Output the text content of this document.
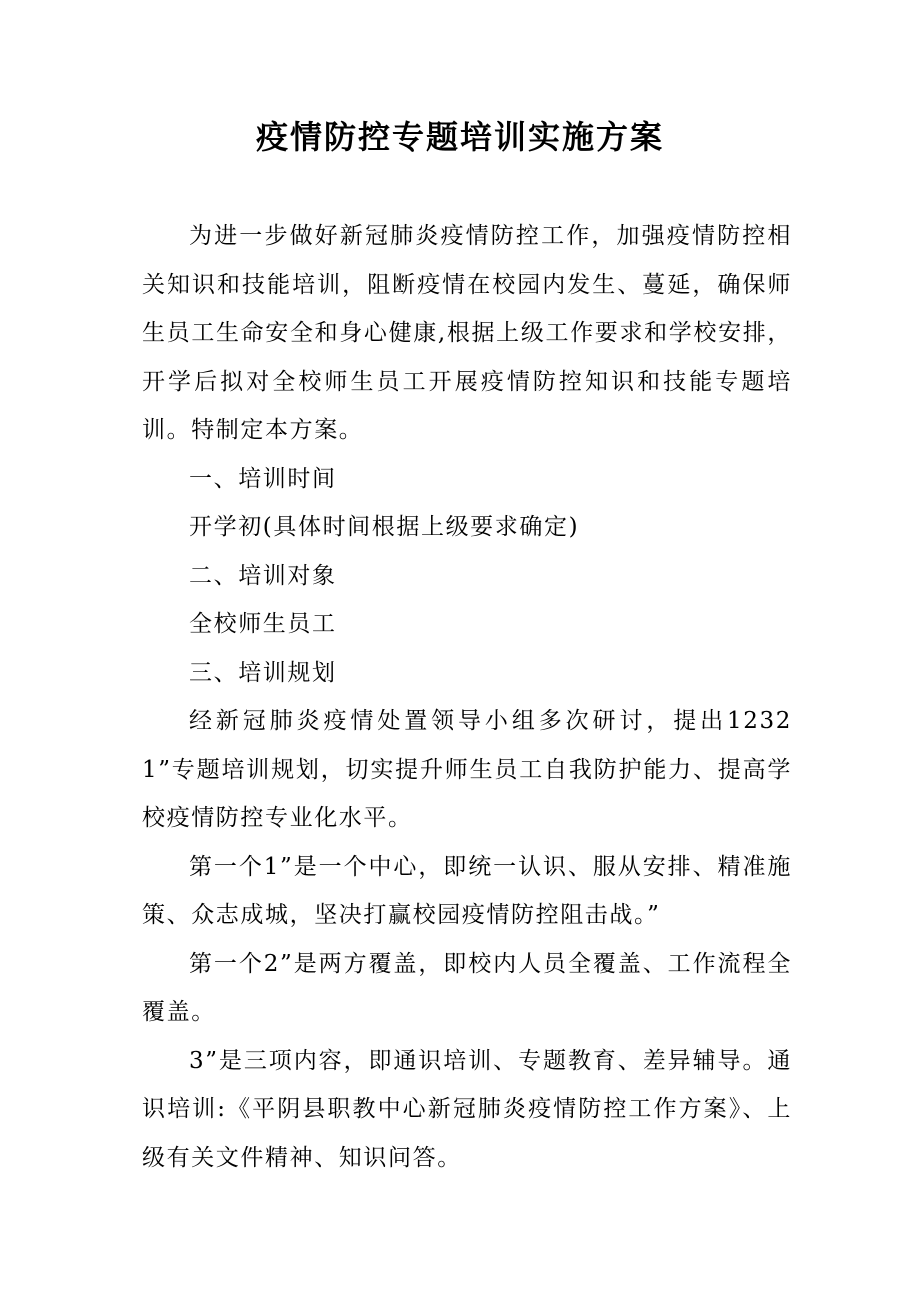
疫情防控专题培训实施方案

为进一步做好新冠肺炎疫情防控工作，加强疫情防控相关知识和技能培训，阻断疫情在校园内发生、蔓延，确保师生员工生命安全和身心健康,根据上级工作要求和学校安排，开学后拟对全校师生员工开展疫情防控知识和技能专题培训。特制定本方案。

一、培训时间

开学初(具体时间根据上级要求确定)

二、培训对象

全校师生员工

三、培训规划

经新冠肺炎疫情处置领导小组多次研讨，提出12321”专题培训规划，切实提升师生员工自我防护能力、提高学校疫情防控专业化水平。

第一个1”是一个中心，即统一认识、服从安排、精准施策、众志成城，坚决打赢校园疫情防控阻击战。”

第一个2”是两方覆盖，即校内人员全覆盖、工作流程全覆盖。

3”是三项内容，即通识培训、专题教育、差异辅导。通识培训:《平阴县职教中心新冠肺炎疫情防控工作方案》、上级有关文件精神、知识问答。
